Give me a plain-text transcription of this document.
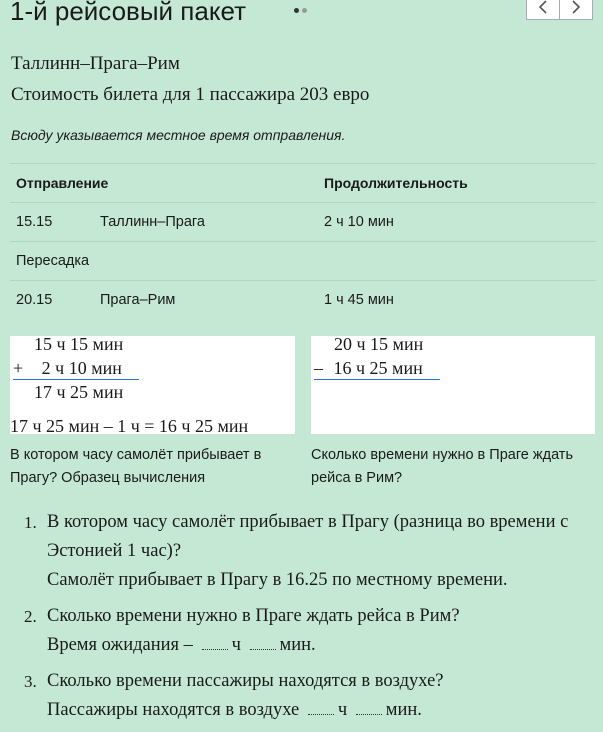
1-й рейсовый пакет
Таллинн–Прага–Рим
Стоимость билета для 1 пассажира 203 евро
Всюду указывается местное время отправления.
Отправление		Продолжительность
15.15	Таллинн–Прага	2 ч 10 мин
Пересадка		
20.15	Прага–Рим	1 ч 45 мин
15 ч 15 мин
+ 2 ч 10 мин
17 ч 25 мин
17 ч 25 мин – 1 ч = 16 ч 25 мин
20 ч 15 мин
– 16 ч 25 мин
В котором часу самолёт прибывает в Прагу? Образец вычисления
Сколько времени нужно в Праге ждать рейса в Рим?
1. В котором часу самолёт прибывает в Прагу (разница во времени с Эстонией 1 час)?
Самолёт прибывает в Прагу в 16.25 по местному времени.
2. Сколько времени нужно в Праге ждать рейса в Рим?
Время ожидания – ч мин.
3. Сколько времени пассажиры находятся в воздухе?
Пассажиры находятся в воздухе ч мин.
